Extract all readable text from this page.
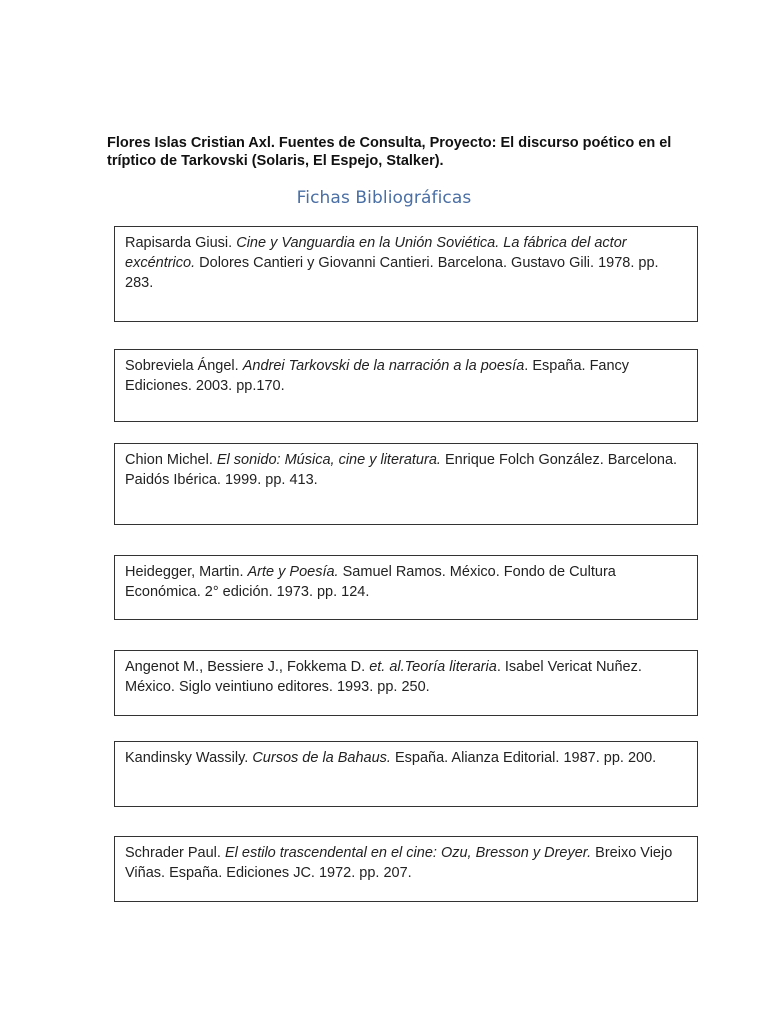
Flores Islas Cristian Axl. Fuentes de Consulta, Proyecto: El discurso poético en el tríptico de Tarkovski (Solaris, El Espejo, Stalker).
Fichas Bibliográficas
Rapisarda Giusi. Cine y Vanguardia en la Unión Soviética. La fábrica del actor excéntrico. Dolores Cantieri y Giovanni Cantieri. Barcelona. Gustavo Gili. 1978. pp. 283.
Sobreviela Ángel. Andrei Tarkovski de la narración a la poesía. España. Fancy Ediciones. 2003. pp.170.
Chion Michel. El sonido: Música, cine y literatura. Enrique Folch González. Barcelona. Paidós Ibérica. 1999. pp. 413.
Heidegger, Martin. Arte y Poesía. Samuel Ramos. México. Fondo de Cultura Económica. 2° edición. 1973. pp. 124.
Angenot M., Bessiere J., Fokkema D. et. al.Teoría literaria. Isabel Vericat Nuñez. México. Siglo veintiuno editores. 1993. pp. 250.
Kandinsky Wassily. Cursos de la Bahaus. España. Alianza Editorial. 1987. pp. 200.
Schrader Paul. El estilo trascendental en el cine: Ozu, Bresson y Dreyer. Breixo Viejo Viñas. España. Ediciones JC. 1972. pp. 207.
